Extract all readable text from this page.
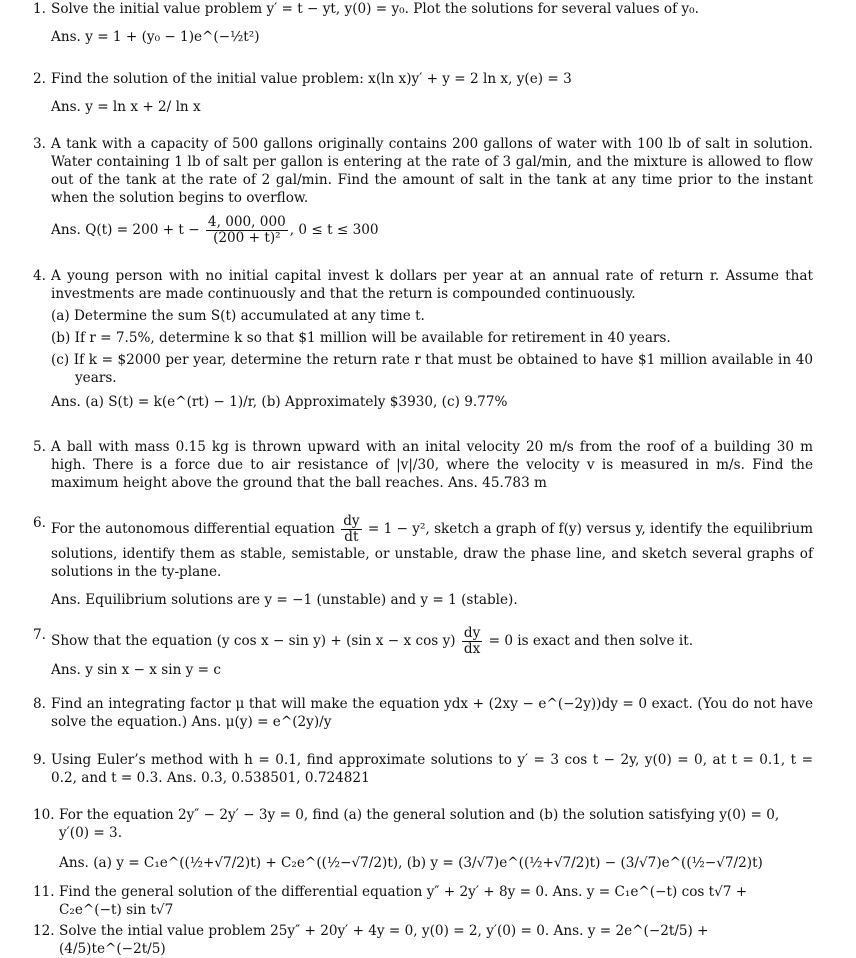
1. Solve the initial value problem y′ = t − yt, y(0) = y₀. Plot the solutions for several values of y₀.
Ans. y = 1 + (y₀ − 1)e^(−½t²)
2. Find the solution of the initial value problem: x(ln x)y′ + y = 2 ln x, y(e) = 3
Ans. y = ln x + 2/ ln x
3. A tank with a capacity of 500 gallons originally contains 200 gallons of water with 100 lb of salt in solution. Water containing 1 lb of salt per gallon is entering at the rate of 3 gal/min, and the mixture is allowed to flow out of the tank at the rate of 2 gal/min. Find the amount of salt in the tank at any time prior to the instant when the solution begins to overflow.
Ans. $Q(t) = 200 + t - \frac{4, 000, 000}{\text{(200 + t)²}}$ , 0 ≤ t ≤ 300
4. A young person with no initial capital invest k dollars per year at an annual rate of return r. Assume that investments are made continuously and that the return is compounded continuously.
(a) Determine the sum S(t) accumulated at any time t.
(b) If r = 7.5%, determine k so that $1 million will be available for retirement in 40 years.
(c) If k = $2000 per year, determine the return rate r that must be obtained to have $1 million available in 40 years.
Ans. (a) S(t) = k(e^(rt) − 1)/r, (b) Approximately $3930, (c) 9.77%
5. A ball with mass 0.15 kg is thrown upward with an inital velocity 20 m/s from the roof of a building 30 m high. There is a force due to air resistance of |v|/30, where the velocity v is measured in m/s. Find the maximum height above the ground that the ball reaches. Ans. 45.783 m
6. For the autonomous differential equation $\frac{dy}{dt} = 1 - y^2$, sketch a graph of f(y) versus y, identify the equilibrium solutions, identify them as stable, semistable, or unstable, draw the phase line, and sketch several graphs of solutions in the ty-plane.
Ans. Equilibrium solutions are y = −1 (unstable) and y = 1 (stable).
7. Show that the equation (y cos x − sin y) + (sin x − x $\cos y) \frac{dy}{dx} = 0$ is exact and then solve it.
Ans. y sin x − x sin y = c
8. Find an integrating factor μ that will make the equation ydx + (2xy − e^(−2y))dy = 0 exact. (You do not have solve the equation.) Ans. μ(y) = e^(2y)/y
9. Using Euler’s method with h = 0.1, find approximate solutions to y′ = 3 cos t − 2y, y(0) = 0, at t = 0.1, t = 0.2, and t = 0.3. Ans. 0.3, 0.538501, 0.724821
10. For the equation 2y″ − 2y′ − 3y = 0, find (a) the general solution and (b) the solution satisfying y(0) = 0, y′(0) = 3.
Ans. (a) y = C₁e^((½+√7/2)t) + C₂e^((½−√7/2)t), (b) y = (3/√7)e^((½+√7/2)t) − (3/√7)e^((½−√7/2)t)
11. Find the general solution of the differential equation y″ + 2y′ + 8y = 0. Ans. y = C₁e^(−t) cos t√7 + C₂e^(−t) sin t√7
12. Solve the intial value problem 25y″ + 20y′ + 4y = 0, y(0) = 2, y′(0) = 0. Ans. y = 2e^(−2t/5) + (4/5)te^(−2t/5)
